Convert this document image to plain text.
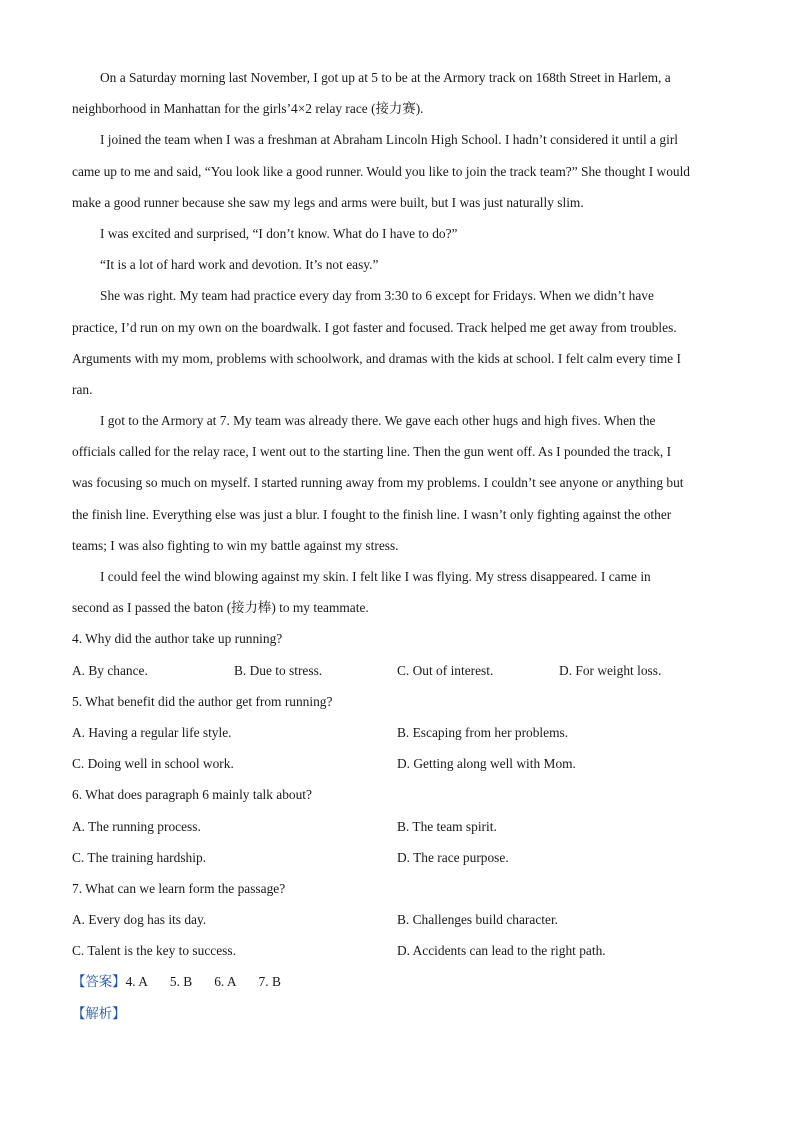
On a Saturday morning last November, I got up at 5 to be at the Armory track on 168th Street in Harlem, a
neighborhood in Manhattan for the girls’4×2 relay race (接力赛).
I joined the team when I was a freshman at Abraham Lincoln High School. I hadn’t considered it until a girl
came up to me and said, “You look like a good runner. Would you like to join the track team?” She thought I would
make a good runner because she saw my legs and arms were built, but I was just naturally slim.
I was excited and surprised, “I don’t know. What do I have to do?”
“It is a lot of hard work and devotion. It’s not easy.”
She was right. My team had practice every day from 3:30 to 6 except for Fridays. When we didn’t have
practice, I’d run on my own on the boardwalk. I got faster and focused. Track helped me get away from troubles.
Arguments with my mom, problems with schoolwork, and dramas with the kids at school. I felt calm every time I
ran.
I got to the Armory at 7. My team was already there. We gave each other hugs and high fives. When the
officials called for the relay race, I went out to the starting line. Then the gun went off. As I pounded the track, I
was focusing so much on myself. I started running away from my problems. I couldn’t see anyone or anything but
the finish line. Everything else was just a blur. I fought to the finish line. I wasn’t only fighting against the other
teams; I was also fighting to win my battle against my stress.
I could feel the wind blowing against my skin. I felt like I was flying. My stress disappeared. I came in
second as I passed the baton (接力棒) to my teammate.
4. Why did the author take up running?
A. By chance.	B. Due to stress.	C. Out of interest.	D. For weight loss.
5. What benefit did the author get from running?
A. Having a regular life style.	B. Escaping from her problems.
C. Doing well in school work.	D. Getting along well with Mom.
6. What does paragraph 6 mainly talk about?
A. The running process.	B. The team spirit.
C. The training hardship.	D. The race purpose.
7. What can we learn form the passage?
A. Every dog has its day.	B. Challenges build character.
C. Talent is the key to success.	D. Accidents can lead to the right path.
【答案】4. A 5. B 6. A 7. B
【解析】
